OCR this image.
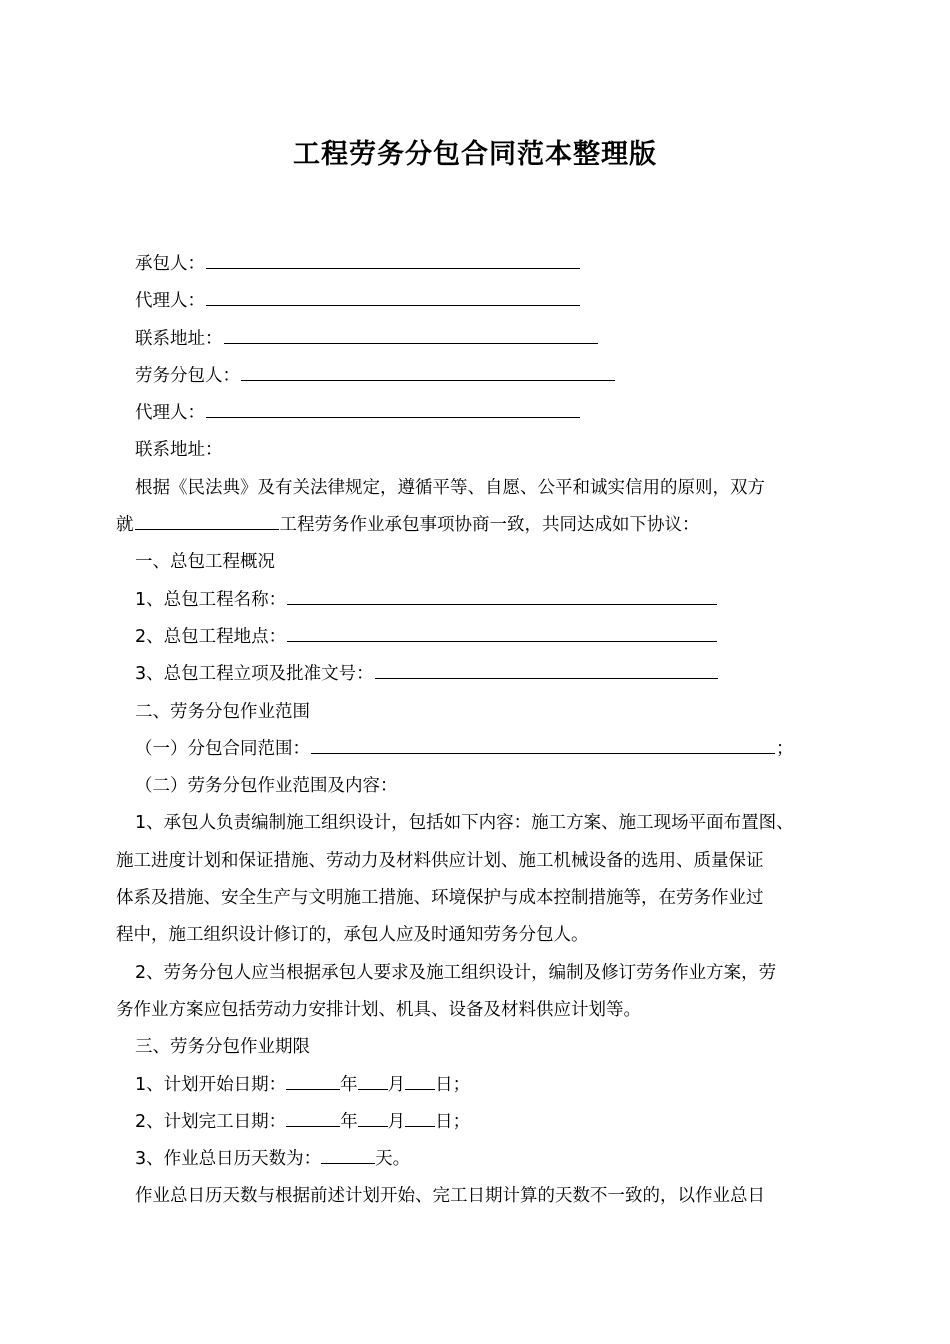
工程劳务分包合同范本整理版
承包人：
代理人：
联系地址：
劳务分包人：
代理人：
联系地址：
根据《民法典》及有关法律规定，遵循平等、自愿、公平和诚实信用的原则，双方
就	工程劳务作业承包事项协商一致，共同达成如下协议：
一、总包工程概况
1、总包工程名称：
2、总包工程地点：
3、总包工程立项及批准文号：
二、劳务分包作业范围
（一）分包合同范围：	；
（二）劳务分包作业范围及内容：
1、承包人负责编制施工组织设计，包括如下内容：施工方案、施工现场平面布置图、
施工进度计划和保证措施、劳动力及材料供应计划、施工机械设备的选用、质量保证
体系及措施、安全生产与文明施工措施、环境保护与成本控制措施等，在劳务作业过
程中，施工组织设计修订的，承包人应及时通知劳务分包人。
2、劳务分包人应当根据承包人要求及施工组织设计，编制及修订劳务作业方案，劳
务作业方案应包括劳动力安排计划、机具、设备及材料供应计划等。
三、劳务分包作业期限
1、计划开始日期：	年 月 日；
2、计划完工日期：	年 月 日；
3、作业总日历天数为：	天。
作业总日历天数与根据前述计划开始、完工日期计算的天数不一致的，以作业总日
